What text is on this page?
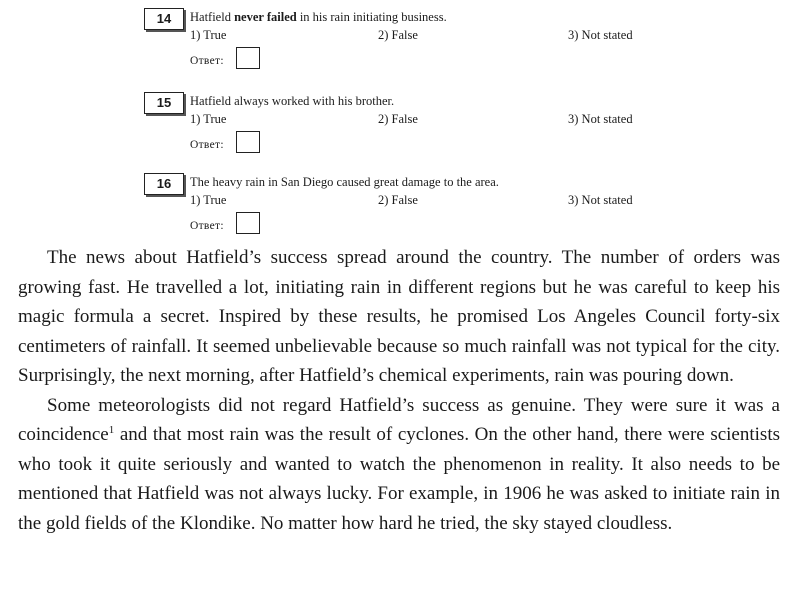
14	Hatfield never failed in his rain initiating business.
1) True	2) False	3) Not stated
Ответ:
15	Hatfield always worked with his brother.
1) True	2) False	3) Not stated
Ответ:
16	The heavy rain in San Diego caused great damage to the area.
1) True	2) False	3) Not stated
Ответ:

The news about Hatfield’s success spread around the country. The number of orders was growing fast. He travelled a lot, initiating rain in different regions but he was careful to keep his magic formula a secret. Inspired by these results, he promised Los Angeles Council forty-six centimeters of rainfall. It seemed unbelievable because so much rainfall was not typical for the city. Surprisingly, the next morning, after Hatfield’s chemical experiments, rain was pouring down.

Some meteorologists did not regard Hatfield’s success as genuine. They were sure it was a coincidence$^1$ and that most rain was the result of cyclones. On the other hand, there were scientists who took it quite seriously and wanted to watch the phenomenon in reality. It also needs to be mentioned that Hatfield was not always lucky. For example, in 1906 he was asked to initiate rain in the gold fields of the Klondike. No matter how hard he tried, the sky stayed cloudless.
